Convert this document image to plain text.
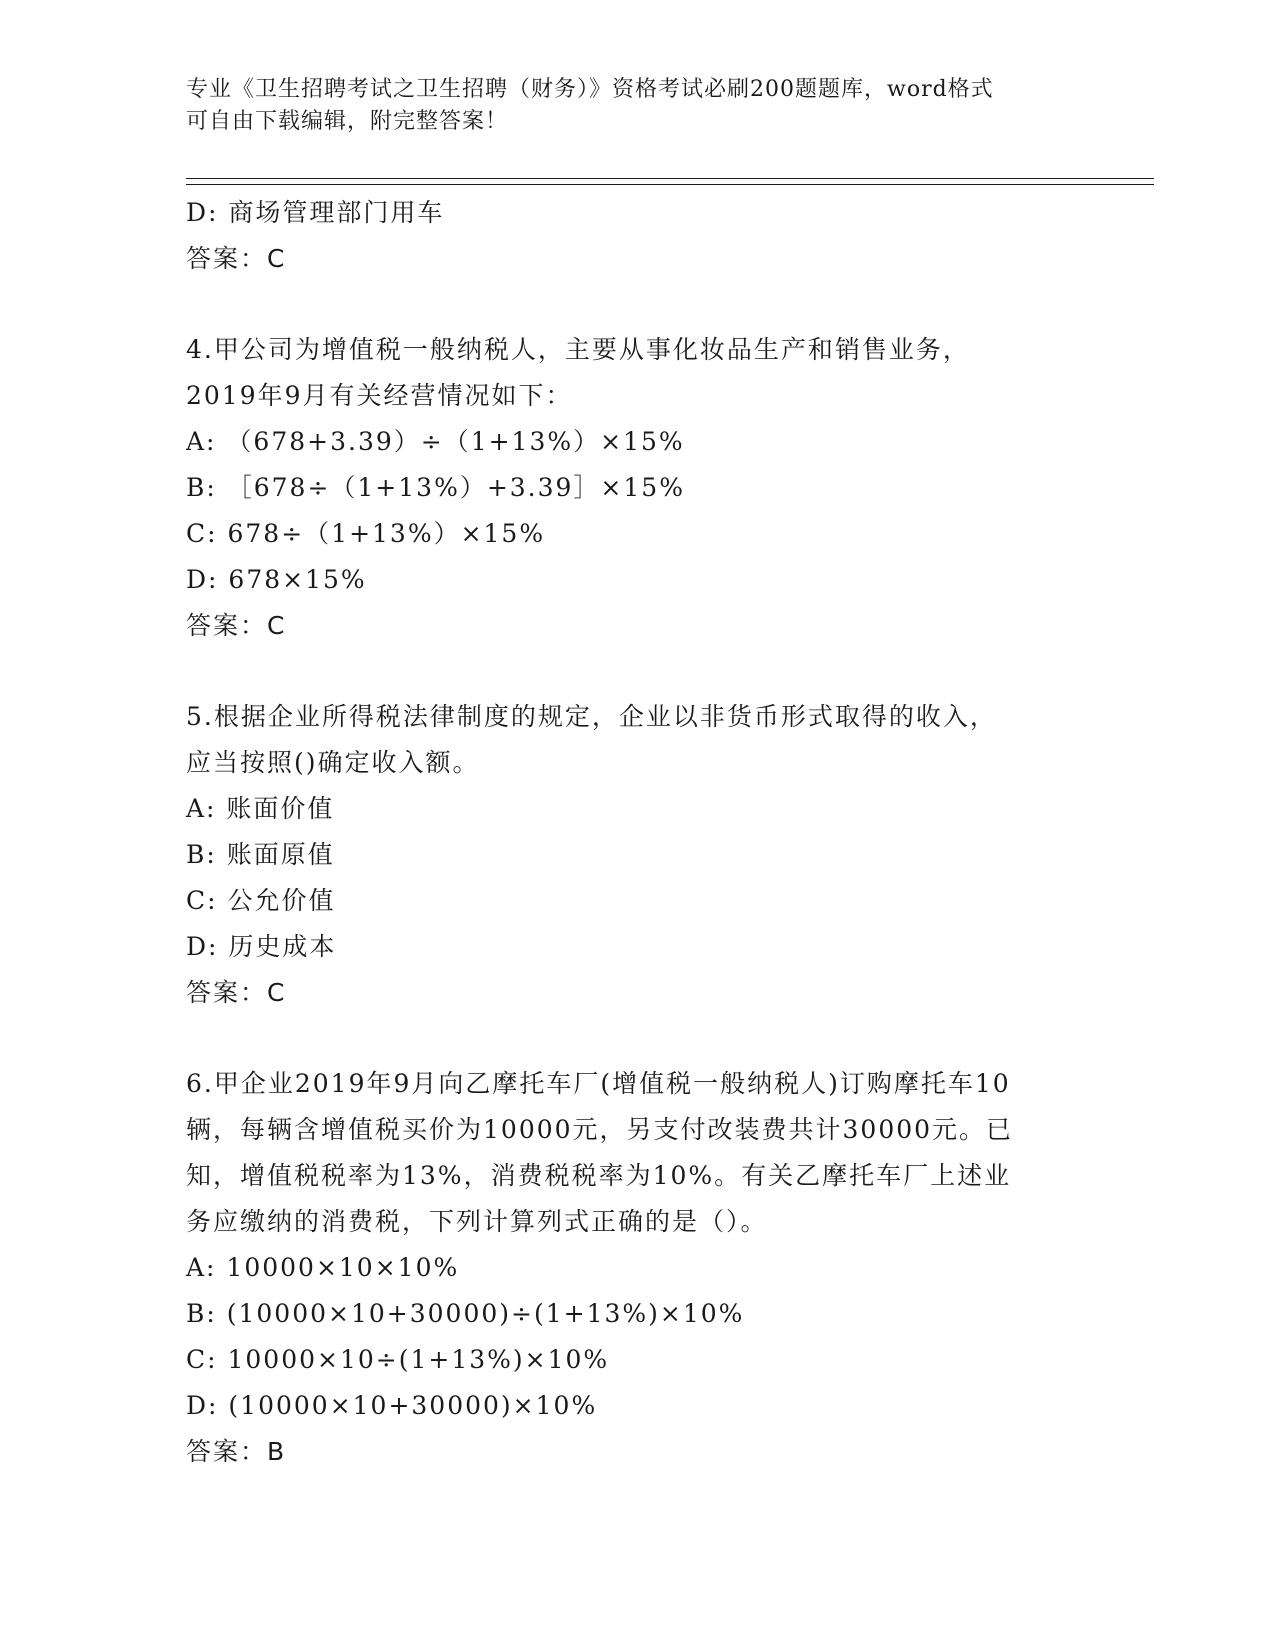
专业《卫生招聘考试之卫生招聘（财务）》资格考试必刷200题题库，word格式
可自由下载编辑，附完整答案！
D: 商场管理部门用车
答案：C
4.甲公司为增值税一般纳税人，主要从事化妆品生产和销售业务，
2019年9月有关经营情况如下：
A: （678+3.39）÷（1+13%）×15%
B: ［678÷（1+13%）+3.39］×15%
C: 678÷（1+13%）×15%
D: 678×15%
答案：C
5.根据企业所得税法律制度的规定，企业以非货币形式取得的收入，
应当按照()确定收入额。
A: 账面价值
B: 账面原值
C: 公允价值
D: 历史成本
答案：C
6.甲企业2019年9月向乙摩托车厂(增值税一般纳税人)订购摩托车10
辆，每辆含增值税买价为10000元，另支付改装费共计30000元。已
知，增值税税率为13%，消费税税率为10%。有关乙摩托车厂上述业
务应缴纳的消费税，下列计算列式正确的是（）。
A: 10000×10×10%
B: (10000×10+30000)÷(1+13%)×10%
C: 10000×10÷(1+13%)×10%
D: (10000×10+30000)×10%
答案：B
